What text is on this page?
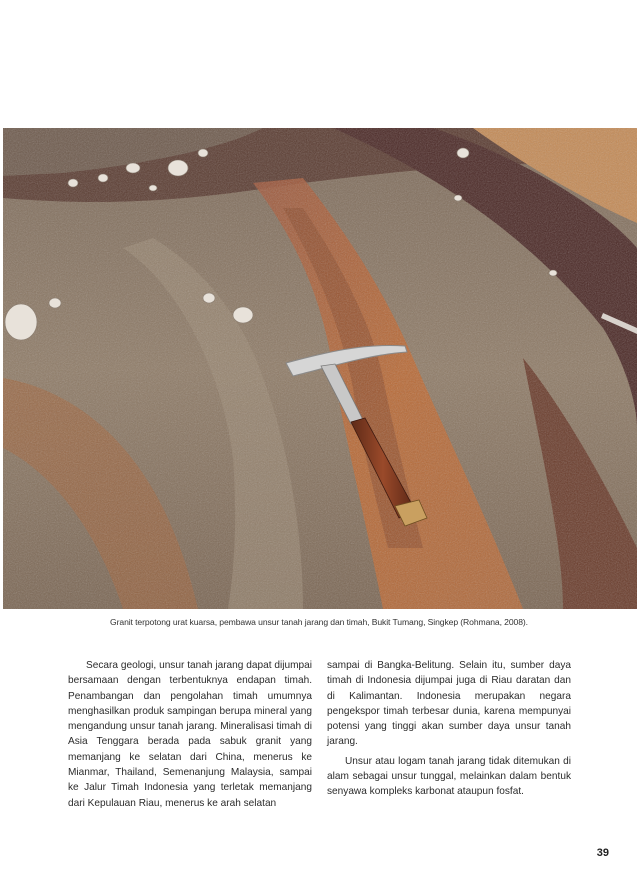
Granit terpotong urat kuarsa, pembawa unsur tanah jarang dan timah, Bukit Tumang, Singkep (Rohmana, 2008).

Secara geologi, unsur tanah jarang dapat dijumpai bersamaan dengan terbentuknya endapan timah. Penambangan dan pengolahan timah umumnya menghasilkan produk sampingan berupa mineral yang mengandung unsur tanah jarang. Mineralisasi timah di Asia Tenggara berada pada sabuk granit yang memanjang ke selatan dari China, menerus ke Mianmar, Thailand, Semenanjung Malaysia, sampai ke Jalur Timah Indonesia yang terletak memanjang dari Kepulauan Riau, menerus ke arah selatan

sampai di Bangka-Belitung. Selain itu, sumber daya timah di Indonesia dijumpai juga di Riau daratan dan di Kalimantan. Indonesia merupakan negara pengekspor timah terbesar dunia, karena mempunyai potensi yang tinggi akan sumber daya unsur tanah jarang.

Unsur atau logam tanah jarang tidak ditemukan di alam sebagai unsur tunggal, melainkan dalam bentuk senyawa kompleks karbonat ataupun fosfat.

39
